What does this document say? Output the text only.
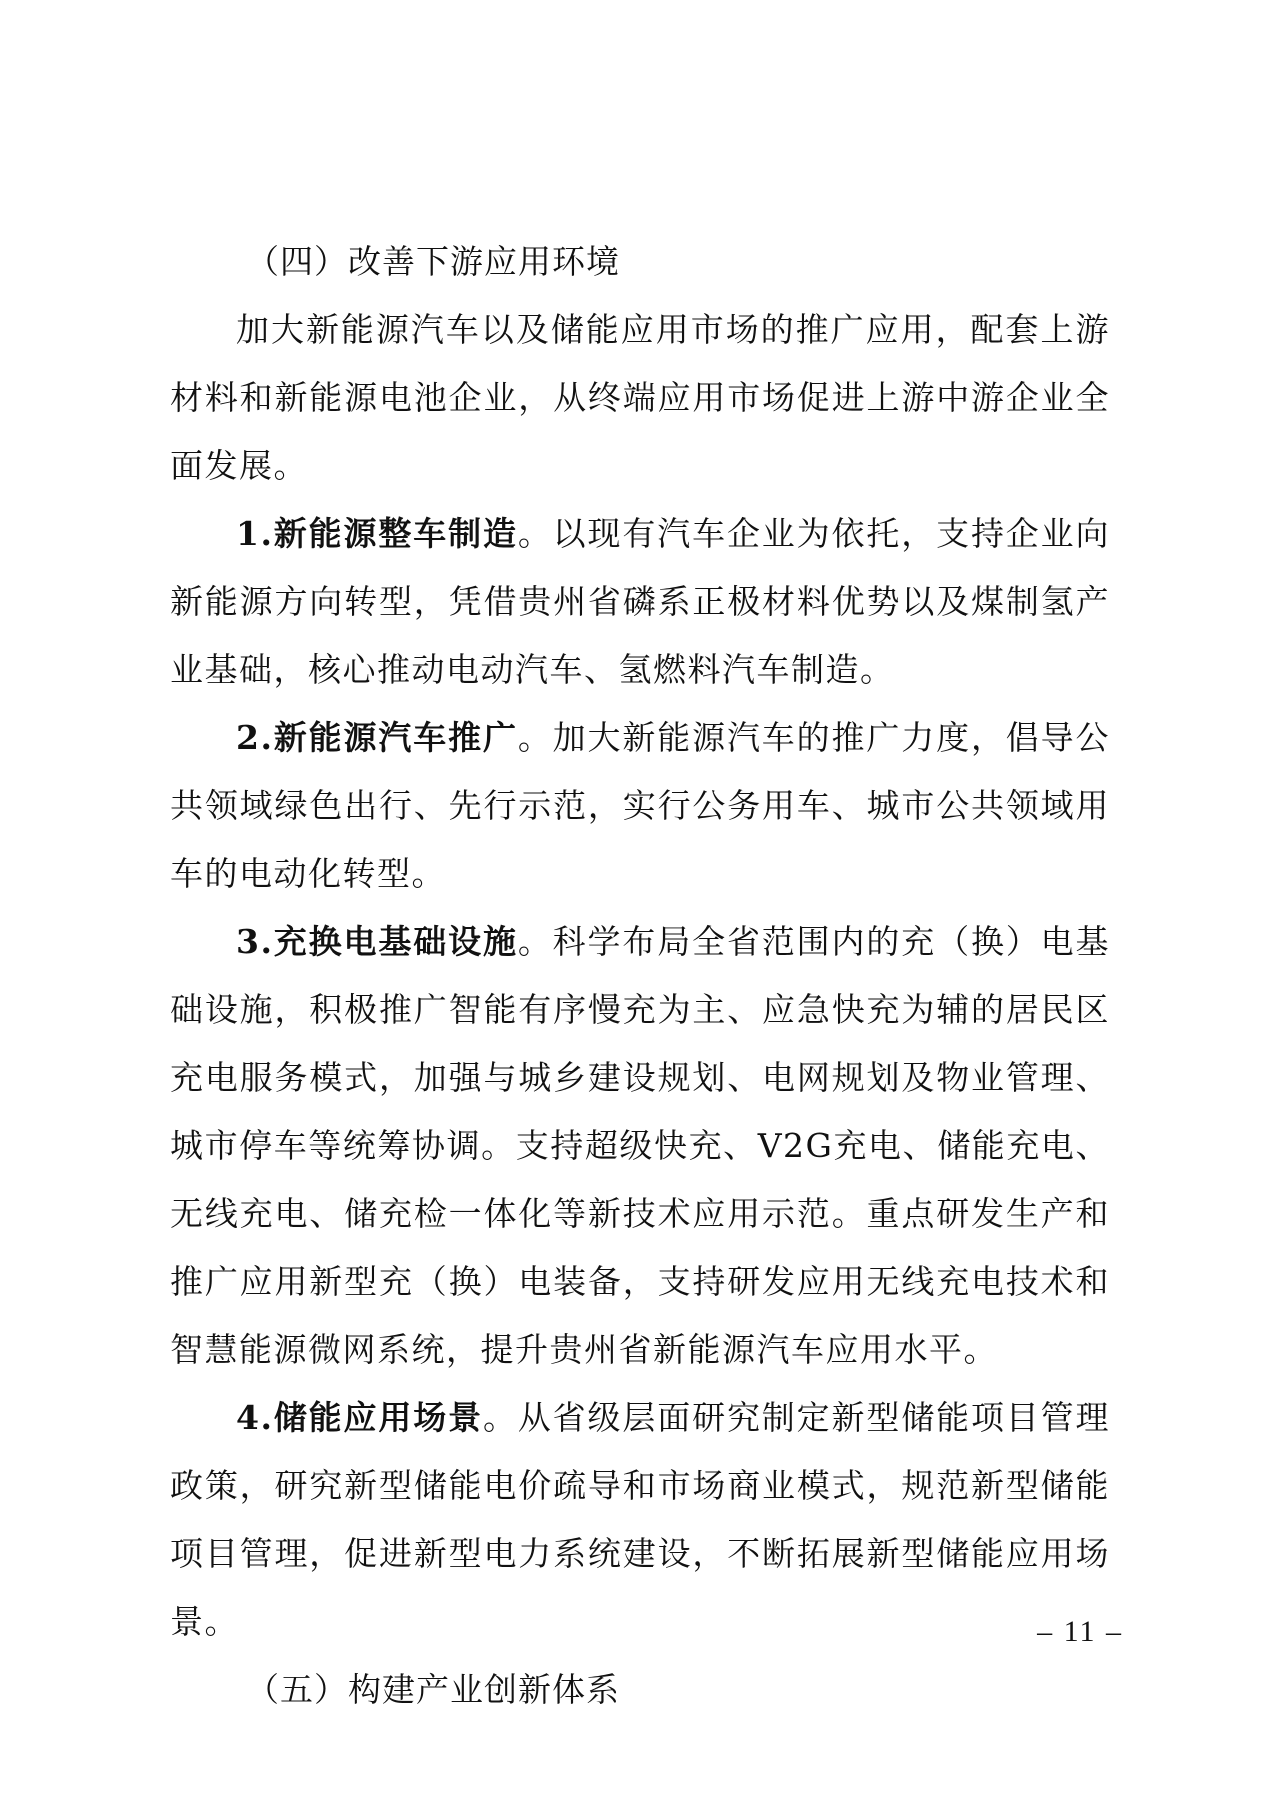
（四）改善下游应用环境

加大新能源汽车以及储能应用市场的推广应用，配套上游材料和新能源电池企业，从终端应用市场促进上游中游企业全面发展。

1.新能源整车制造。以现有汽车企业为依托，支持企业向新能源方向转型，凭借贵州省磷系正极材料优势以及煤制氢产业基础，核心推动电动汽车、氢燃料汽车制造。

2.新能源汽车推广。加大新能源汽车的推广力度，倡导公共领域绿色出行、先行示范，实行公务用车、城市公共领域用车的电动化转型。

3.充换电基础设施。科学布局全省范围内的充（换）电基础设施，积极推广智能有序慢充为主、应急快充为辅的居民区充电服务模式，加强与城乡建设规划、电网规划及物业管理、城市停车等统筹协调。支持超级快充、V2G充电、储能充电、无线充电、储充检一体化等新技术应用示范。重点研发生产和推广应用新型充（换）电装备，支持研发应用无线充电技术和智慧能源微网系统，提升贵州省新能源汽车应用水平。

4.储能应用场景。从省级层面研究制定新型储能项目管理政策，研究新型储能电价疏导和市场商业模式，规范新型储能项目管理，促进新型电力系统建设，不断拓展新型储能应用场景。

（五）构建产业创新体系

– 11 –
